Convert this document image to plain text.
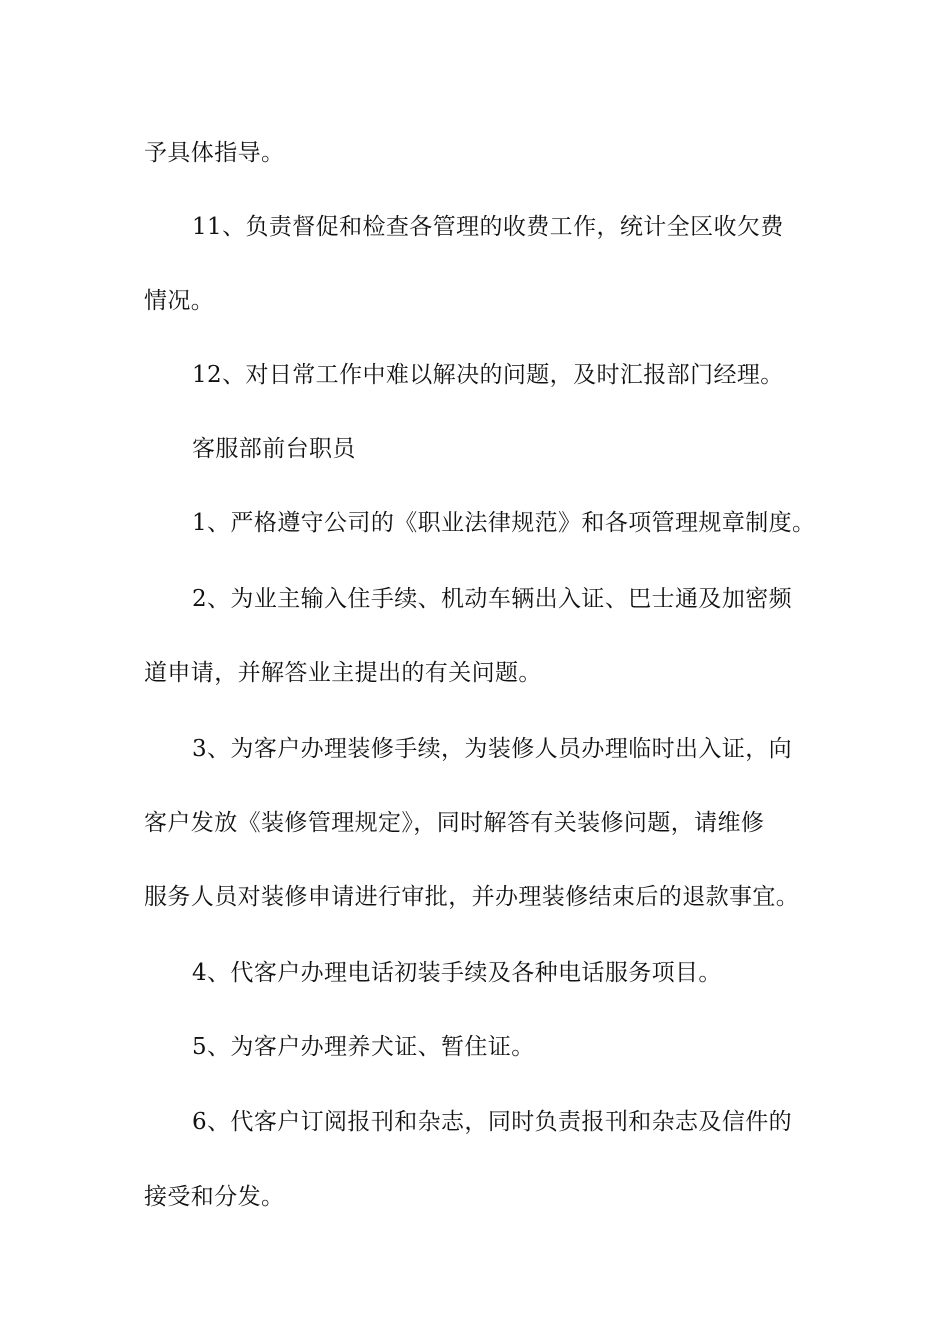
予具体指导。
11、负责督促和检查各管理的收费工作，统计全区收欠费
情况。
12、对日常工作中难以解决的问题，及时汇报部门经理。
客服部前台职员
1、严格遵守公司的《职业法律规范》和各项管理规章制度。
2、为业主输入住手续、机动车辆出入证、巴士通及加密频
道申请，并解答业主提出的有关问题。
3、为客户办理装修手续，为装修人员办理临时出入证，向
客户发放《装修管理规定》，同时解答有关装修问题，请维修
服务人员对装修申请进行审批，并办理装修结束后的退款事宜。
4、代客户办理电话初装手续及各种电话服务项目。
5、为客户办理养犬证、暂住证。
6、代客户订阅报刊和杂志，同时负责报刊和杂志及信件的
接受和分发。
